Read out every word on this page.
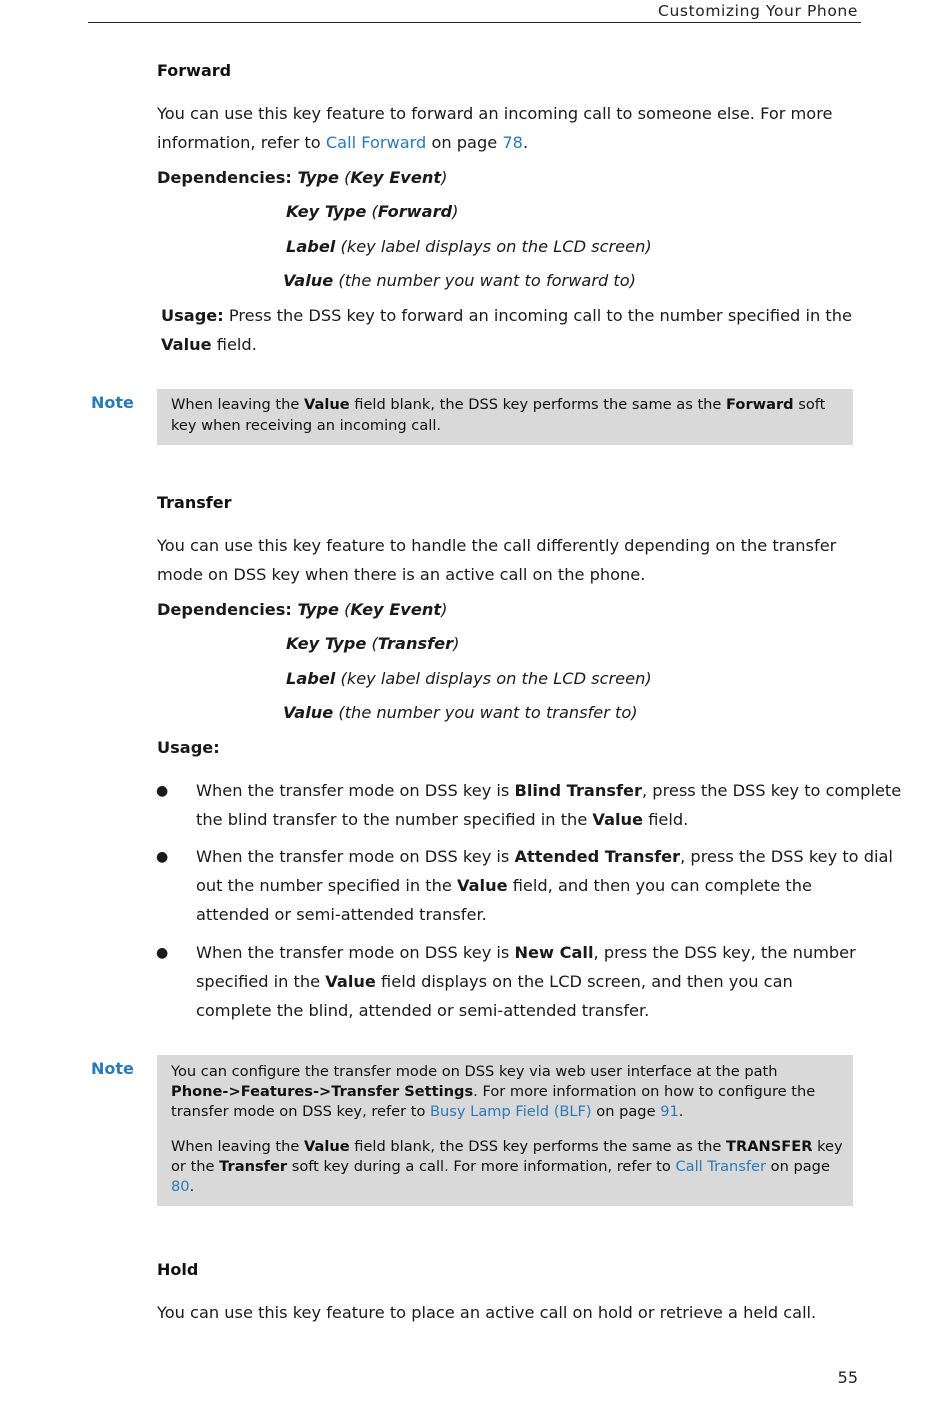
Customizing Your Phone
Forward
You can use this key feature to forward an incoming call to someone else. For more
information, refer to Call Forward on page 78.
Dependencies: Type (Key Event)
Key Type (Forward)
Label (key label displays on the LCD screen)
Value (the number you want to forward to)
Usage: Press the DSS key to forward an incoming call to the number specified in the
Value field.
Note	When leaving the Value field blank, the DSS key performs the same as the Forward soft
key when receiving an incoming call.
Transfer
You can use this key feature to handle the call differently depending on the transfer
mode on DSS key when there is an active call on the phone.
Dependencies: Type (Key Event)
Key Type (Transfer)
Label (key label displays on the LCD screen)
Value (the number you want to transfer to)
Usage:
● When the transfer mode on DSS key is Blind Transfer, press the DSS key to complete
the blind transfer to the number specified in the Value field.
● When the transfer mode on DSS key is Attended Transfer, press the DSS key to dial
out the number specified in the Value field, and then you can complete the
attended or semi-attended transfer.
● When the transfer mode on DSS key is New Call, press the DSS key, the number
specified in the Value field displays on the LCD screen, and then you can
complete the blind, attended or semi-attended transfer.
Note	You can configure the transfer mode on DSS key via web user interface at the path
Phone->Features->Transfer Settings. For more information on how to configure the
transfer mode on DSS key, refer to Busy Lamp Field (BLF) on page 91.
When leaving the Value field blank, the DSS key performs the same as the TRANSFER key
or the Transfer soft key during a call. For more information, refer to Call Transfer on page
80.
Hold
You can use this key feature to place an active call on hold or retrieve a held call.
55
